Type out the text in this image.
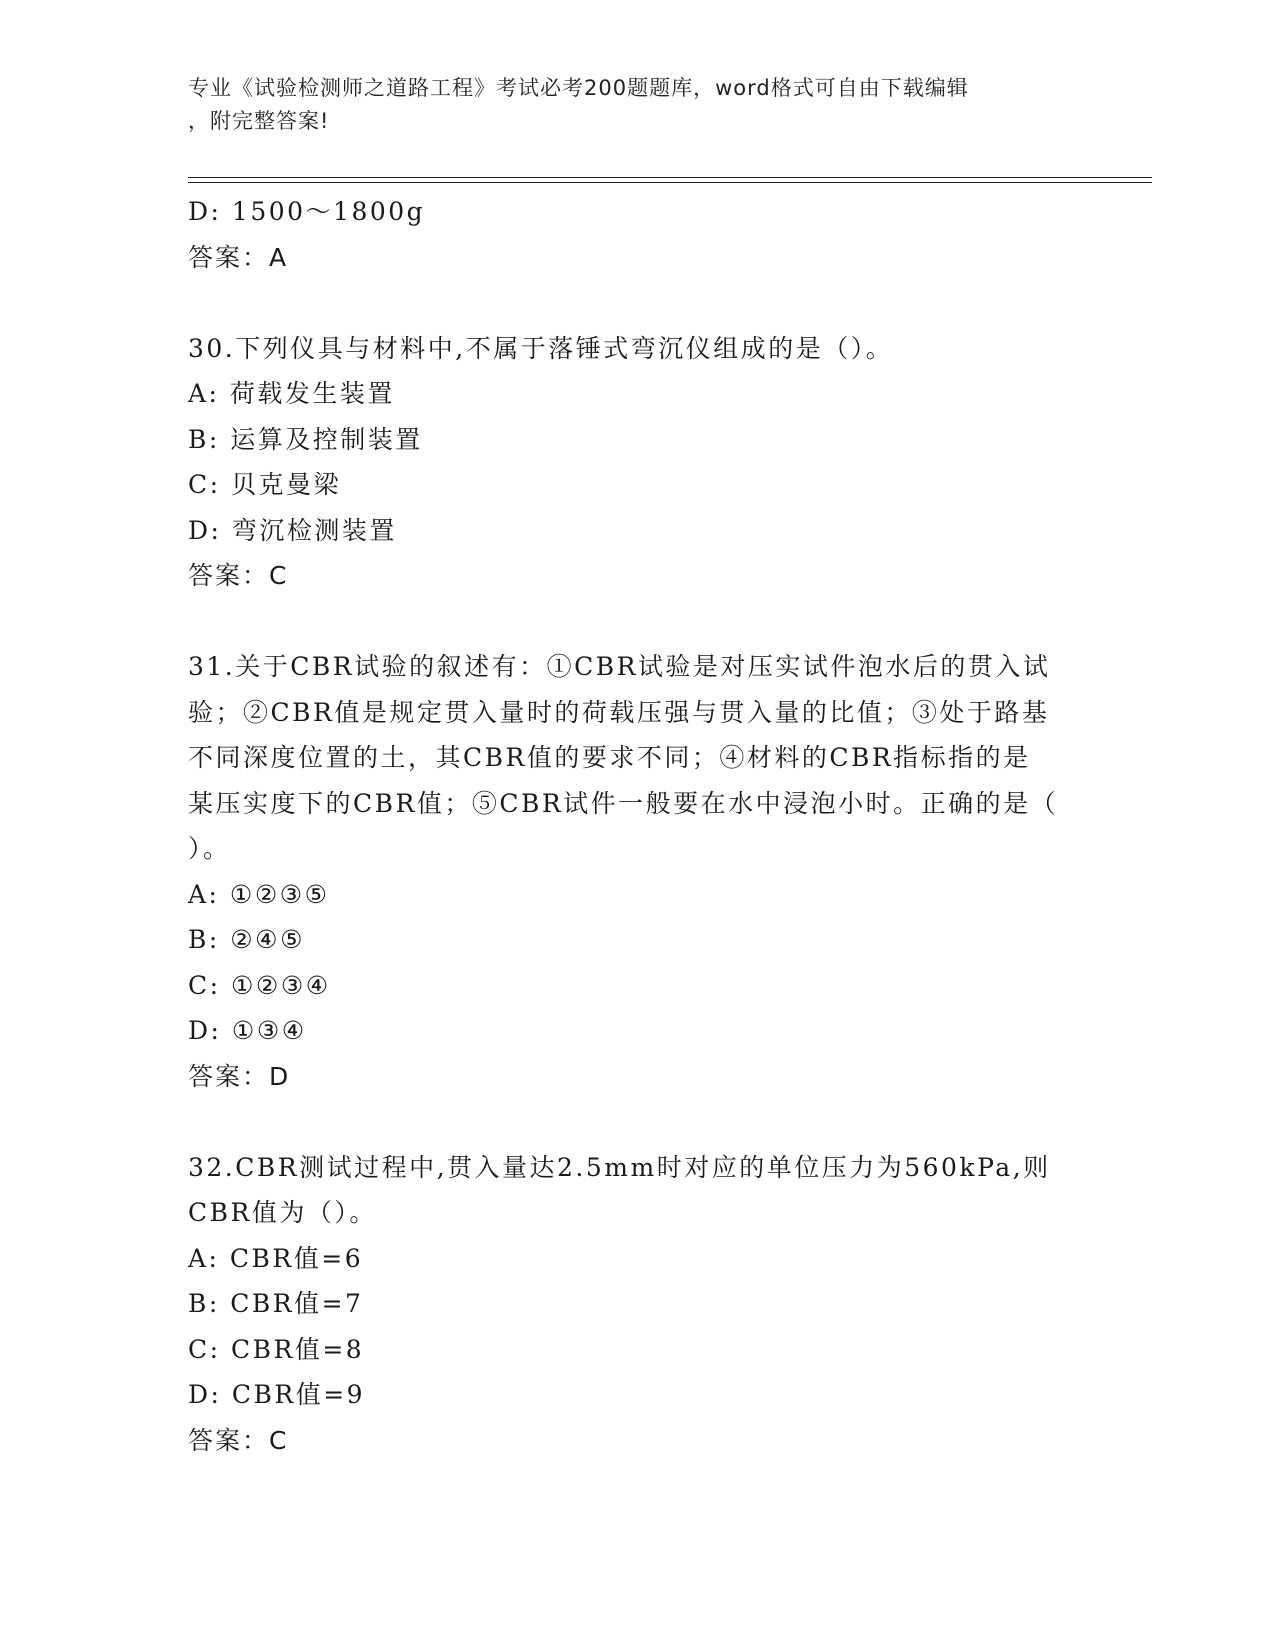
专业《试验检测师之道路工程》考试必考200题题库，word格式可自由下载编辑
，附完整答案!
D: 1500～1800g
答案：A
30.下列仪具与材料中,不属于落锤式弯沉仪组成的是（）。
A: 荷载发生装置
B: 运算及控制装置
C: 贝克曼梁
D: 弯沉检测装置
答案：C
31.关于CBR试验的叙述有：①CBR试验是对压实试件泡水后的贯入试
验；②CBR值是规定贯入量时的荷载压强与贯入量的比值；③处于路基
不同深度位置的土，其CBR值的要求不同；④材料的CBR指标指的是
某压实度下的CBR值；⑤CBR试件一般要在水中浸泡小时。正确的是（
）。
A: ①②③⑤
B: ②④⑤
C: ①②③④
D: ①③④
答案：D
32.CBR测试过程中,贯入量达2.5mm时对应的单位压力为560kPa,则
CBR值为（）。
A: CBR值=6
B: CBR值=7
C: CBR值=8
D: CBR值=9
答案：C
